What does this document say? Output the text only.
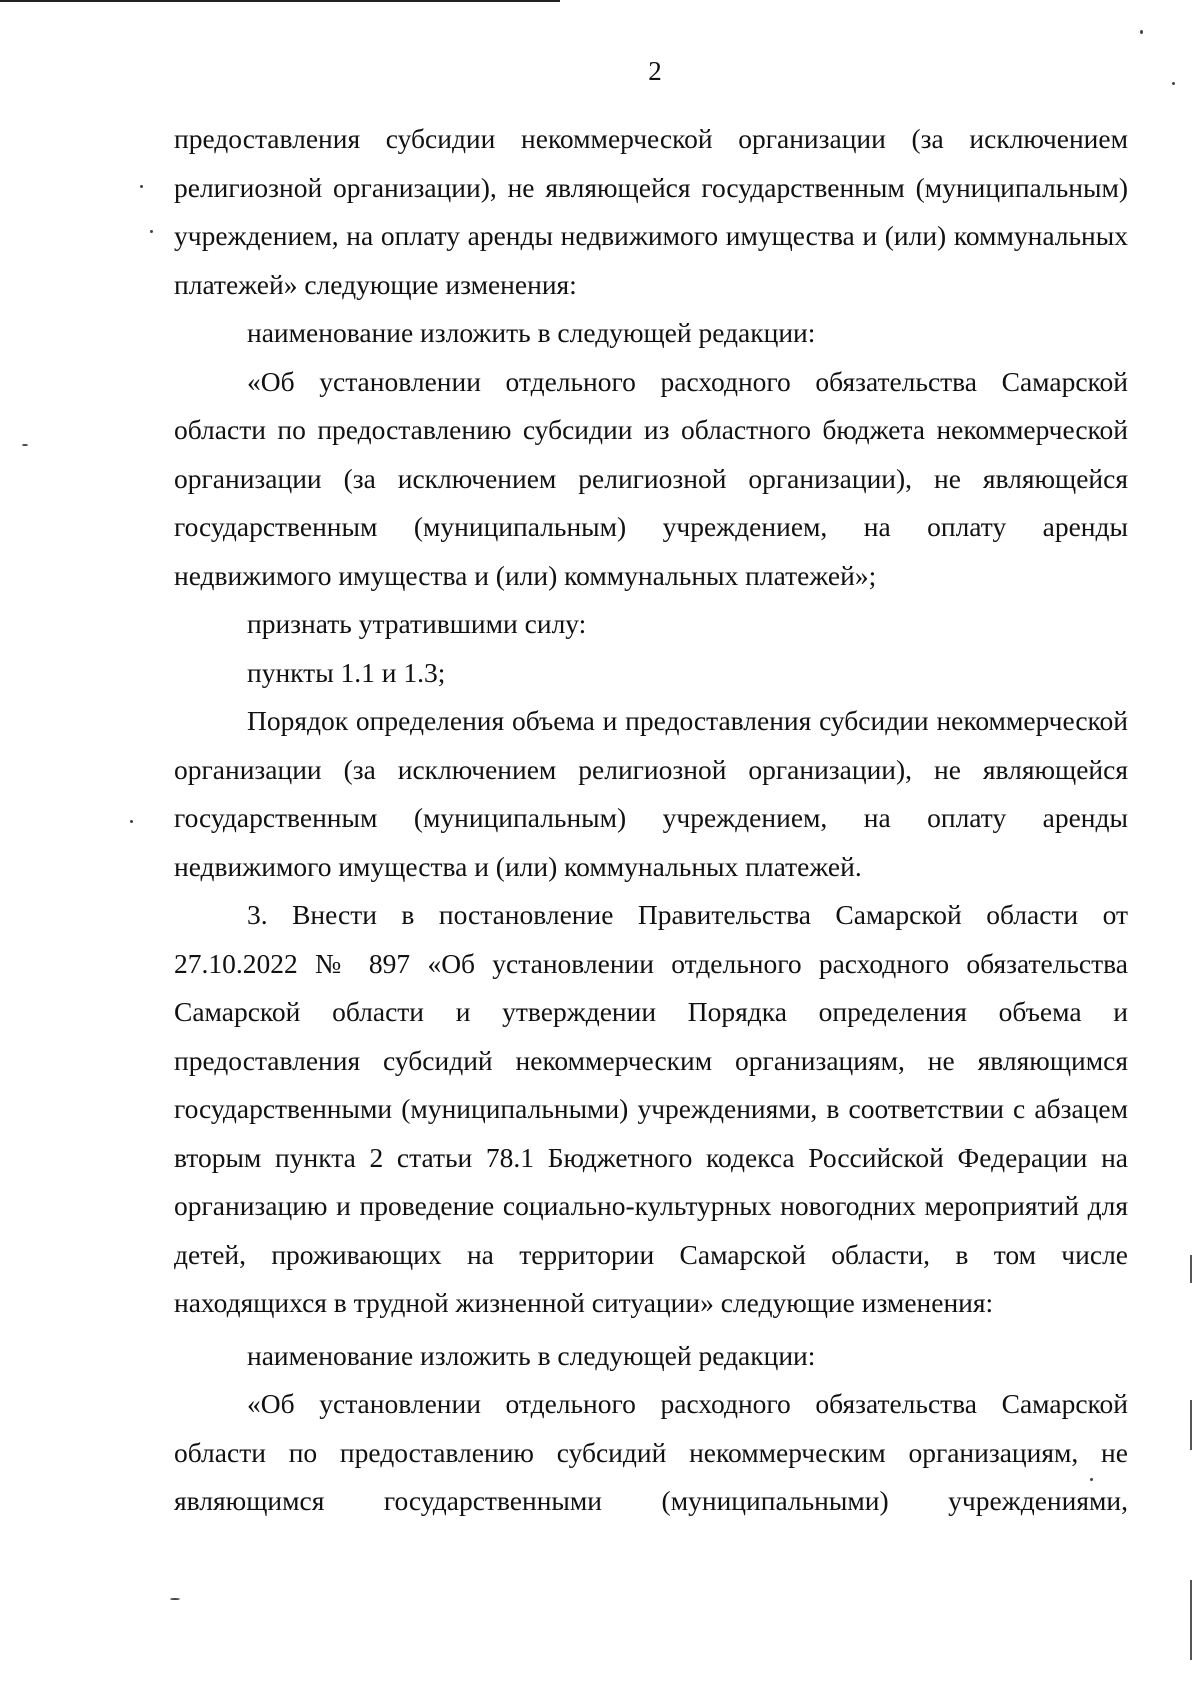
2

предоставления субсидии некоммерческой организации (за исключением религиозной организации), не являющейся государственным (муниципальным) учреждением, на оплату аренды недвижимого имущества и (или) коммунальных платежей» следующие изменения:

наименование изложить в следующей редакции:

«Об установлении отдельного расходного обязательства Самарской области по предоставлению субсидии из областного бюджета некоммерческой организации (за исключением религиозной организации), не являющейся государственным (муниципальным) учреждением, на оплату аренды недвижимого имущества и (или) коммунальных платежей»;

признать утратившими силу:

пункты 1.1 и 1.3;

Порядок определения объема и предоставления субсидии некоммерческой организации (за исключением религиозной организации), не являющейся государственным (муниципальным) учреждением, на оплату аренды недвижимого имущества и (или) коммунальных платежей.

3. Внести в постановление Правительства Самарской области от 27.10.2022 № 897 «Об установлении отдельного расходного обязательства Самарской области и утверждении Порядка определения объема и предоставления субсидий некоммерческим организациям, не являющимся государственными (муниципальными) учреждениями, в соответствии с абзацем вторым пункта 2 статьи 78.1 Бюджетного кодекса Российской Федерации на организацию и проведение социально-культурных новогодних мероприятий для детей, проживающих на территории Самарской области, в том числе находящихся в трудной жизненной ситуации» следующие изменения:

наименование изложить в следующей редакции:

«Об установлении отдельного расходного обязательства Самарской области по предоставлению субсидий некоммерческим организациям, не являющимся государственными (муниципальными) учреждениями,
